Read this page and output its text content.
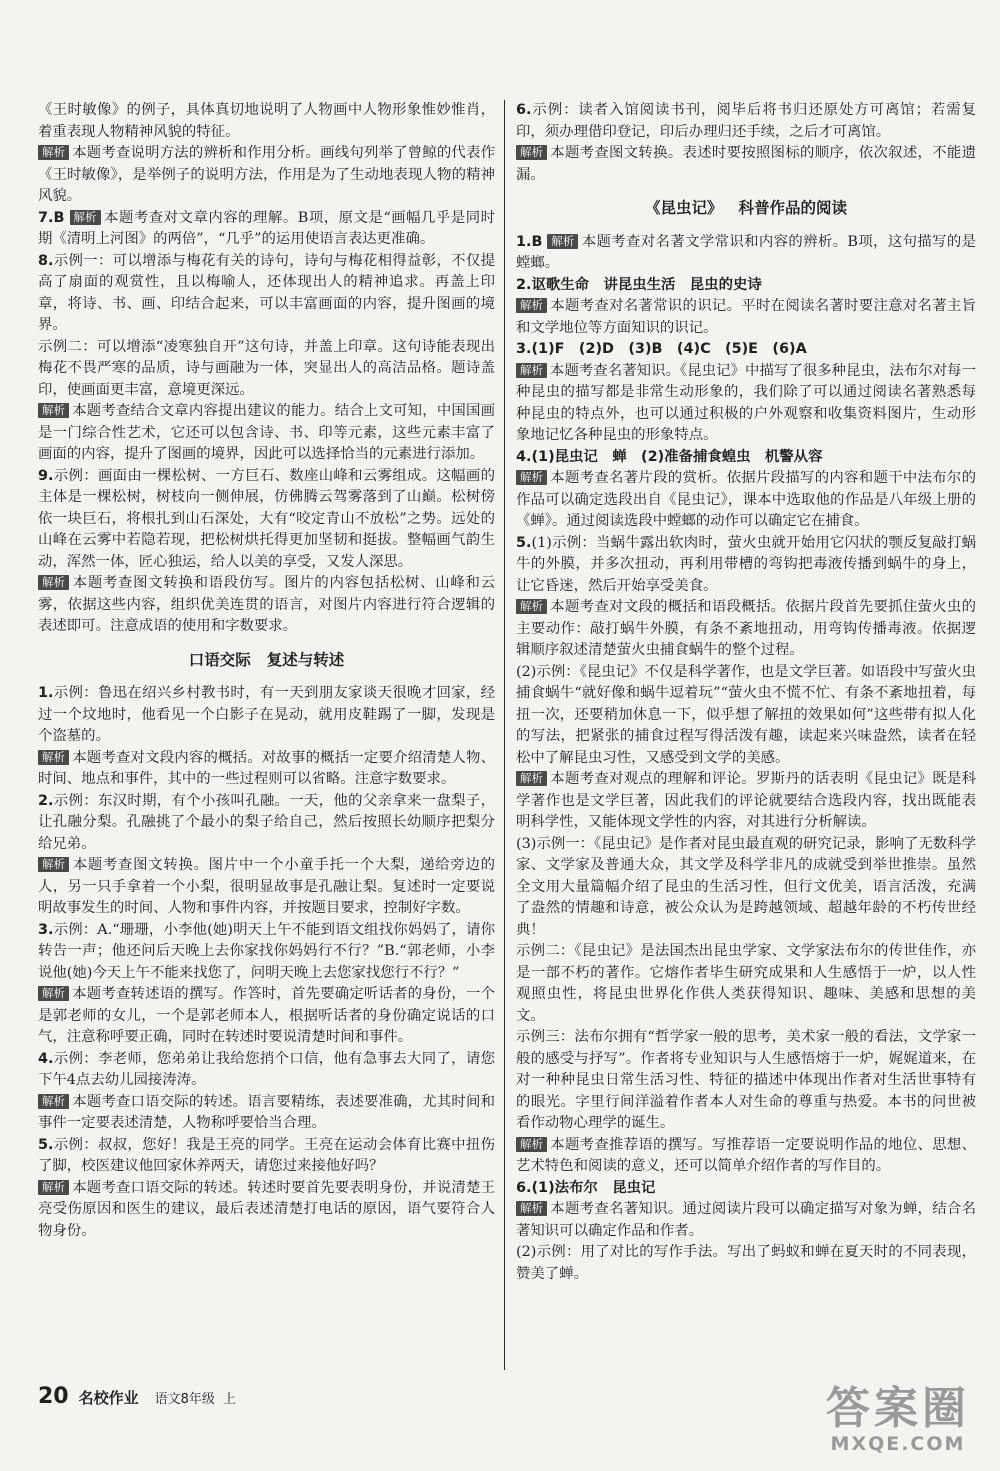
《王时敏像》的例子，具体真切地说明了人物画中人物形象惟妙惟肖，着重表现人物精神风貌的特征。

解析 本题考查说明方法的辨析和作用分析。画线句列举了曾鲸的代表作《王时敏像》，是举例子的说明方法，作用是为了生动地表现人物的精神风貌。

7.B 解析 本题考查对文章内容的理解。B项，原文是“画幅几乎是同时期《清明上河图》的两倍”，“几乎”的运用使语言表达更准确。

8.示例一：可以增添与梅花有关的诗句，诗句与梅花相得益彰，不仅提高了扇面的观赏性，且以梅喻人，还体现出人的精神追求。再盖上印章，将诗、书、画、印结合起来，可以丰富画面的内容，提升图画的境界。

示例二：可以增添“凌寒独自开”这句诗，并盖上印章。这句诗能表现出梅花不畏严寒的品质，诗与画融为一体，突显出人的高洁品格。题诗盖印，使画面更丰富，意境更深远。

解析 本题考查结合文章内容提出建议的能力。结合上文可知，中国国画是一门综合性艺术，它还可以包含诗、书、印等元素，这些元素丰富了画面的内容，提升了图画的境界，因此可以选择恰当的元素进行添加。

9.示例：画面由一棵松树、一方巨石、数座山峰和云雾组成。这幅画的主体是一棵松树，树枝向一侧伸展，仿佛腾云驾雾落到了山巅。松树傍依一块巨石，将根扎到山石深处，大有“咬定青山不放松”之势。远处的山峰在云雾中若隐若现，把松树烘托得更加坚韧和挺拔。整幅画气韵生动，浑然一体，匠心独运，给人以美的享受，又发人深思。

解析 本题考查图文转换和语段仿写。图片的内容包括松树、山峰和云雾，依据这些内容，组织优美连贯的语言，对图片内容进行符合逻辑的表述即可。注意成语的使用和字数要求。

口语交际 复述与转述

1.示例：鲁迅在绍兴乡村教书时，有一天到朋友家谈天很晚才回家，经过一个坟地时，他看见一个白影子在晃动，就用皮鞋踢了一脚，发现是个盗墓的。

解析 本题考查对文段内容的概括。对故事的概括一定要介绍清楚人物、时间、地点和事件，其中的一些过程则可以省略。注意字数要求。

2.示例：东汉时期，有个小孩叫孔融。一天，他的父亲拿来一盘梨子，让孔融分梨。孔融挑了个最小的梨子给自己，然后按照长幼顺序把梨分给兄弟。

解析 本题考查图文转换。图片中一个小童手托一个大梨，递给旁边的人，另一只手拿着一个小梨，很明显故事是孔融让梨。复述时一定要说明故事发生的时间、人物和事件内容，并按题目要求，控制好字数。

3.示例：A.“珊珊，小李他(她)明天上午不能到语文组找你妈妈了，请你转告一声；他还问后天晚上去你家找你妈妈行不行？”B.“郭老师，小李说他(她)今天上午不能来找您了，问明天晚上去您家找您行不行？”

解析 本题考查转述语的撰写。作答时，首先要确定听话者的身份，一个是郭老师的女儿，一个是郭老师本人，根据听话者的身份确定说话的口气，注意称呼要正确，同时在转述时要说清楚时间和事件。

4.示例：李老师，您弟弟让我给您捎个口信，他有急事去大同了，请您下午4点去幼儿园接涛涛。

解析 本题考查口语交际的转述。语言要精练，表述要准确，尤其时间和事件一定要表述清楚，人物称呼要恰当合理。

5.示例：叔叔，您好！我是王亮的同学。王亮在运动会体育比赛中扭伤了脚，校医建议他回家休养两天，请您过来接他好吗？

解析 本题考查口语交际的转述。转述时要首先要表明身份，并说清楚王亮受伤原因和医生的建议，最后表述清楚打电话的原因，语气要符合人物身份。

6.示例：读者入馆阅读书刊，阅毕后将书归还原处方可离馆；若需复印，须办理借印登记，印后办理归还手续，之后才可离馆。

解析 本题考查图文转换。表述时要按照图标的顺序，依次叙述，不能遗漏。

《昆虫记》 科普作品的阅读

1.B 解析 本题考查对名著文学常识和内容的辨析。B项，这句描写的是螳螂。

2.讴歌生命　讲昆虫生活　昆虫的史诗

解析 本题考查对名著常识的识记。平时在阅读名著时要注意对名著主旨和文学地位等方面知识的识记。

3.(1)F　(2)D　(3)B　(4)C　(5)E　(6)A

解析 本题考查名著知识。《昆虫记》中描写了很多种昆虫，法布尔对每一种昆虫的描写都是非常生动形象的，我们除了可以通过阅读名著熟悉每种昆虫的特点外，也可以通过积极的户外观察和收集资料图片，生动形象地记忆各种昆虫的形象特点。

4.(1)昆虫记　蝉　(2)准备捕食蝗虫　机警从容

解析 本题考查名著片段的赏析。依据片段描写的内容和题干中法布尔的作品可以确定选段出自《昆虫记》，课本中选取他的作品是八年级上册的《蝉》。通过阅读选段中螳螂的动作可以确定它在捕食。

5.(1)示例：当蜗牛露出软肉时，萤火虫就开始用它闪状的颚反复敲打蜗牛的外膜，并多次扭动，再利用带槽的弯钩把毒液传播到蜗牛的身上，让它昏迷，然后开始享受美食。

解析 本题考查对文段的概括和语段概括。依据片段首先要抓住萤火虫的主要动作：敲打蜗牛外膜，有条不紊地扭动，用弯钩传播毒液。依据逻辑顺序叙述清楚萤火虫捕食蜗牛的整个过程。

(2)示例：《昆虫记》不仅是科学著作，也是文学巨著。如语段中写萤火虫捕食蜗牛“就好像和蜗牛逗着玩”“萤火虫不慌不忙、有条不紊地扭着，每扭一次，还要稍加休息一下，似乎想了解扭的效果如何”这些带有拟人化的写法，把紧张的捕食过程写得活泼有趣，读起来兴味盎然，读者在轻松中了解昆虫习性，又感受到文学的美感。

解析 本题考查对观点的理解和评论。罗斯丹的话表明《昆虫记》既是科学著作也是文学巨著，因此我们的评论就要结合选段内容，找出既能表明科学性，又能体现文学性的内容，对其进行分析解读。

(3)示例一：《昆虫记》是作者对昆虫最直观的研究记录，影响了无数科学家、文学家及普通大众，其文学及科学非凡的成就受到举世推崇。虽然全文用大量篇幅介绍了昆虫的生活习性，但行文优美，语言活泼，充满了盎然的情趣和诗意，被公众认为是跨越领域、超越年龄的不朽传世经典！

示例二：《昆虫记》是法国杰出昆虫学家、文学家法布尔的传世佳作，亦是一部不朽的著作。它熔作者毕生研究成果和人生感悟于一炉，以人性观照虫性，将昆虫世界化作供人类获得知识、趣味、美感和思想的美文。

示例三：法布尔拥有“哲学家一般的思考，美术家一般的看法，文学家一般的感受与抒写”。作者将专业知识与人生感悟熔于一炉，娓娓道来，在对一种种昆虫日常生活习性、特征的描述中体现出作者对生活世事特有的眼光。字里行间洋溢着作者本人对生命的尊重与热爱。本书的问世被看作动物心理学的诞生。

解析 本题考查推荐语的撰写。写推荐语一定要说明作品的地位、思想、艺术特色和阅读的意义，还可以简单介绍作者的写作目的。

6.(1)法布尔　昆虫记

解析 本题考查名著知识。通过阅读片段可以确定描写对象为蝉，结合名著知识可以确定作品和作者。

(2)示例：用了对比的写作手法。写出了蚂蚁和蝉在夏天时的不同表现，赞美了蝉。

20 名校作业 语文8年级 上	答案圈
MXQE.COM
